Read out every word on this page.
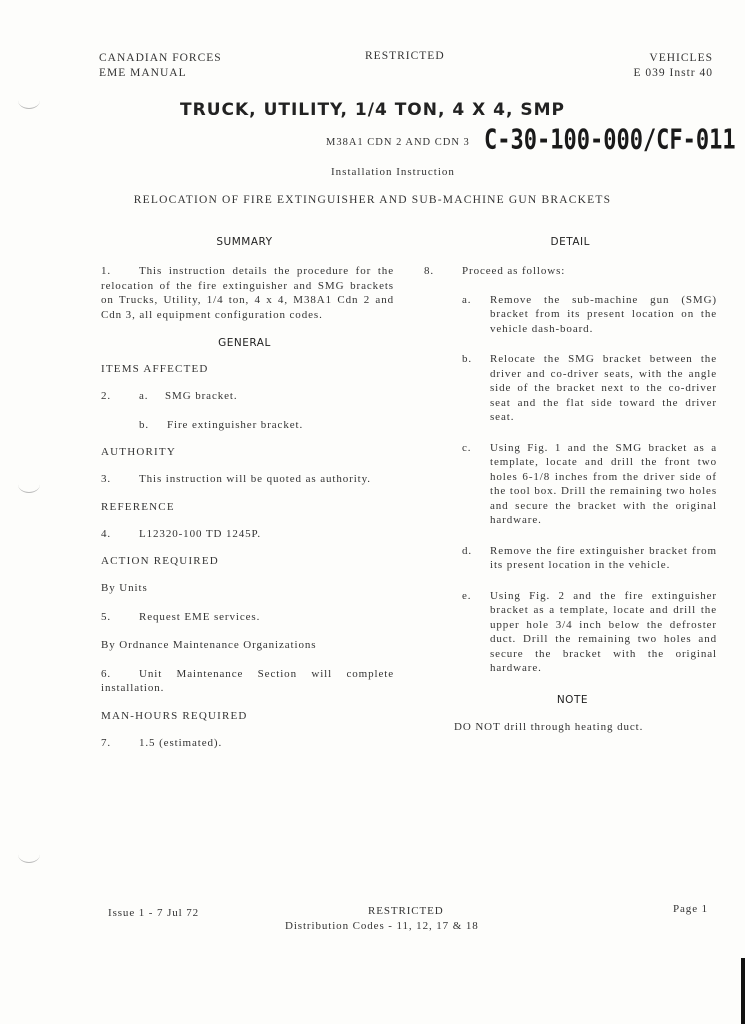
CANADIAN FORCES
EME MANUAL
RESTRICTED	VEHICLES
E 039 Instr 40
TRUCK, UTILITY, 1/4 TON, 4 X 4, SMP
M38A1 CDN 2 AND CDN 3 C-30-100-000/CF-011
Installation Instruction
RELOCATION OF FIRE EXTINGUISHER AND SUB-MACHINE GUN BRACKETS
SUMMARY
1.	This instruction details the procedure for the relocation of the fire extinguisher and SMG brackets on Trucks, Utility, 1/4 ton, 4 x 4, M38A1 Cdn 2 and Cdn 3, all equipment configuration codes.
GENERAL
ITEMS AFFECTED
2.	a. SMG bracket.
b. Fire extinguisher bracket.
AUTHORITY
3.	This instruction will be quoted as authority.
REFERENCE
4.	L12320-100 TD 1245P.
ACTION REQUIRED
By Units
5.	Request EME services.
By Ordnance Maintenance Organizations
6.	Unit Maintenance Section will complete installation.
MAN-HOURS REQUIRED
7.	1.5 (estimated).
DETAIL
8.	Proceed as follows:
a.	Remove the sub-machine gun (SMG) bracket from its present location on the vehicle dash-board.
b.	Relocate the SMG bracket between the driver and co-driver seats, with the angle side of the bracket next to the co-driver seat and the flat side toward the driver seat.
c.	Using Fig. 1 and the SMG bracket as a template, locate and drill the front two holes 6-1/8 inches from the driver side of the tool box. Drill the remaining two holes and secure the bracket with the original hardware.
d.	Remove the fire extinguisher bracket from its present location in the vehicle.
e.	Using Fig. 2 and the fire extinguisher bracket as a template, locate and drill the upper hole 3/4 inch below the defroster duct. Drill the remaining two holes and secure the bracket with the original hardware.
NOTE
DO NOT drill through heating duct.
Issue 1 - 7 Jul 72	RESTRICTED
Distribution Codes - 11, 12, 17 & 18
Page 1
